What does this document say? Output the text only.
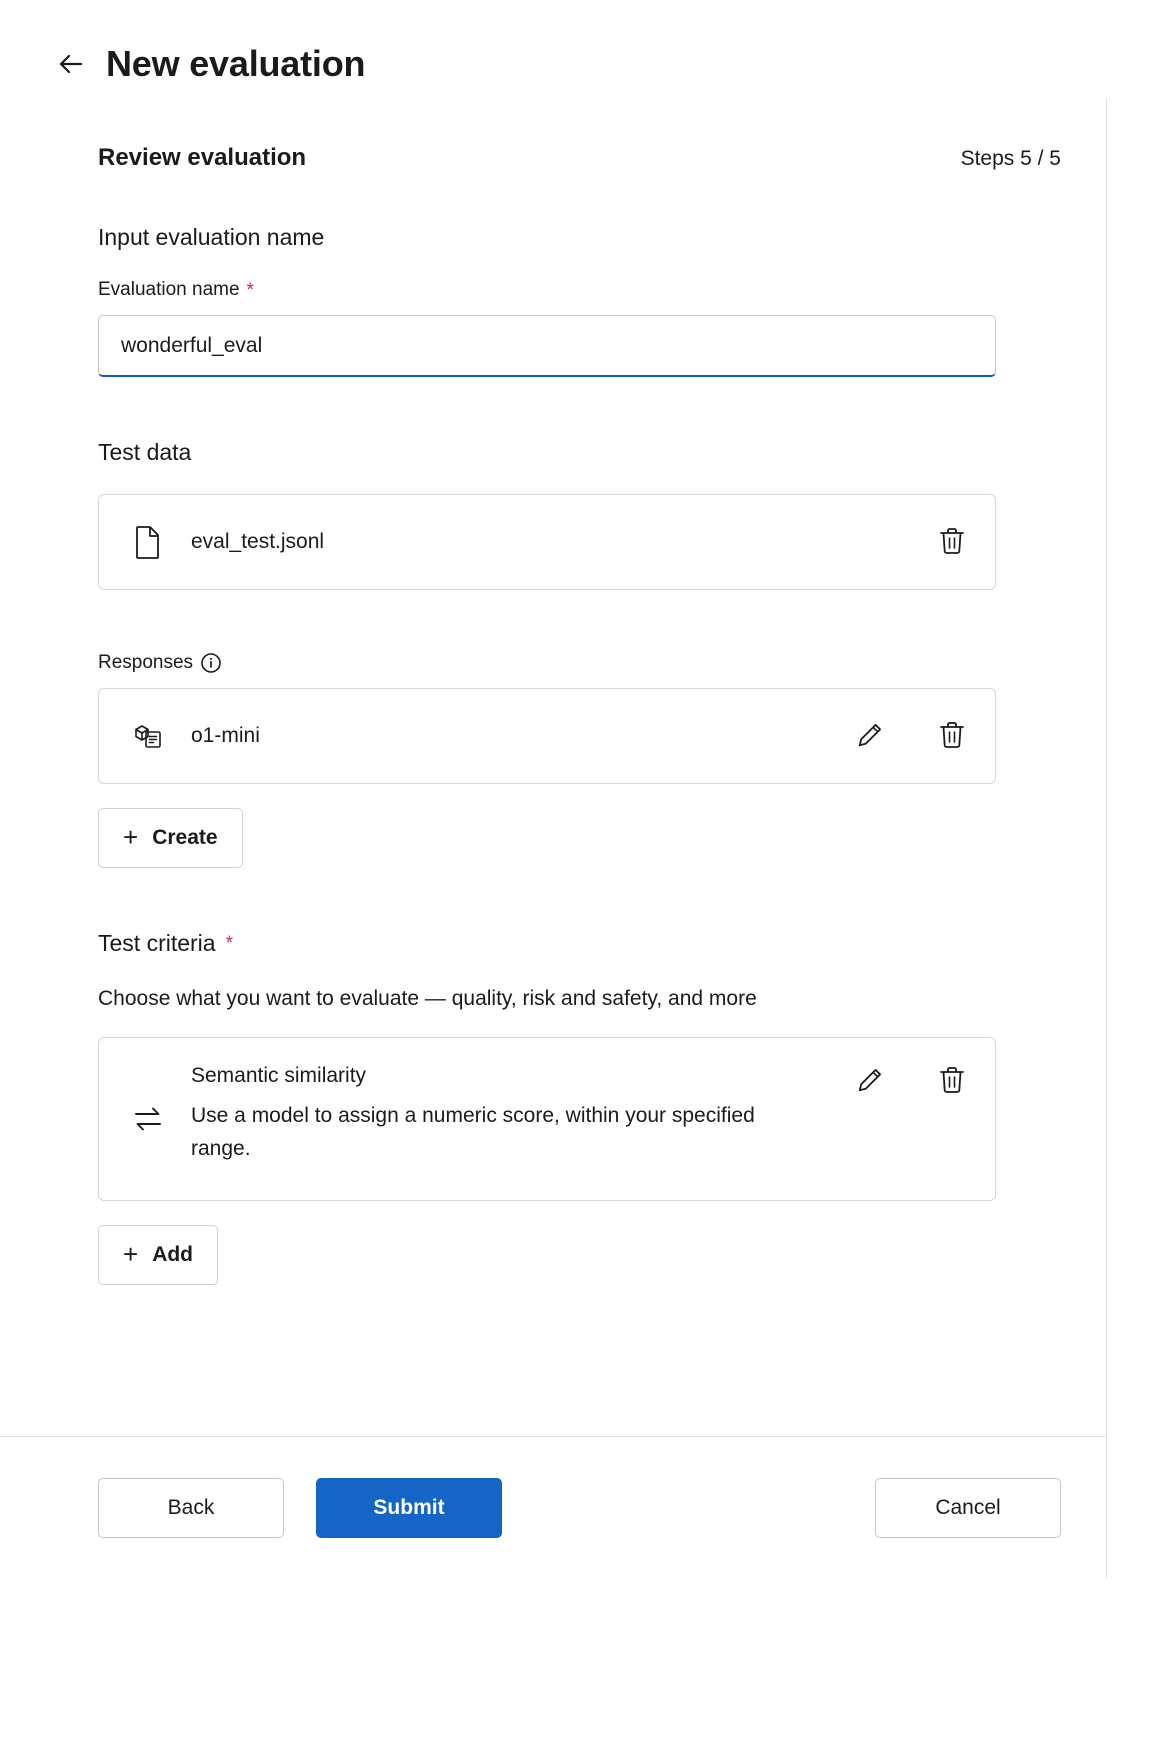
New evaluation
Review evaluation	Steps 5 / 5
Input evaluation name
Evaluation name *
wonderful_eval
Test data
eval_test.jsonl
Responses
o1-mini
+ Create
Test criteria *
Choose what you want to evaluate — quality, risk and safety, and more
Semantic similarity
Use a model to assign a numeric score, within your specified range.
+ Add
Back	Submit	Cancel
